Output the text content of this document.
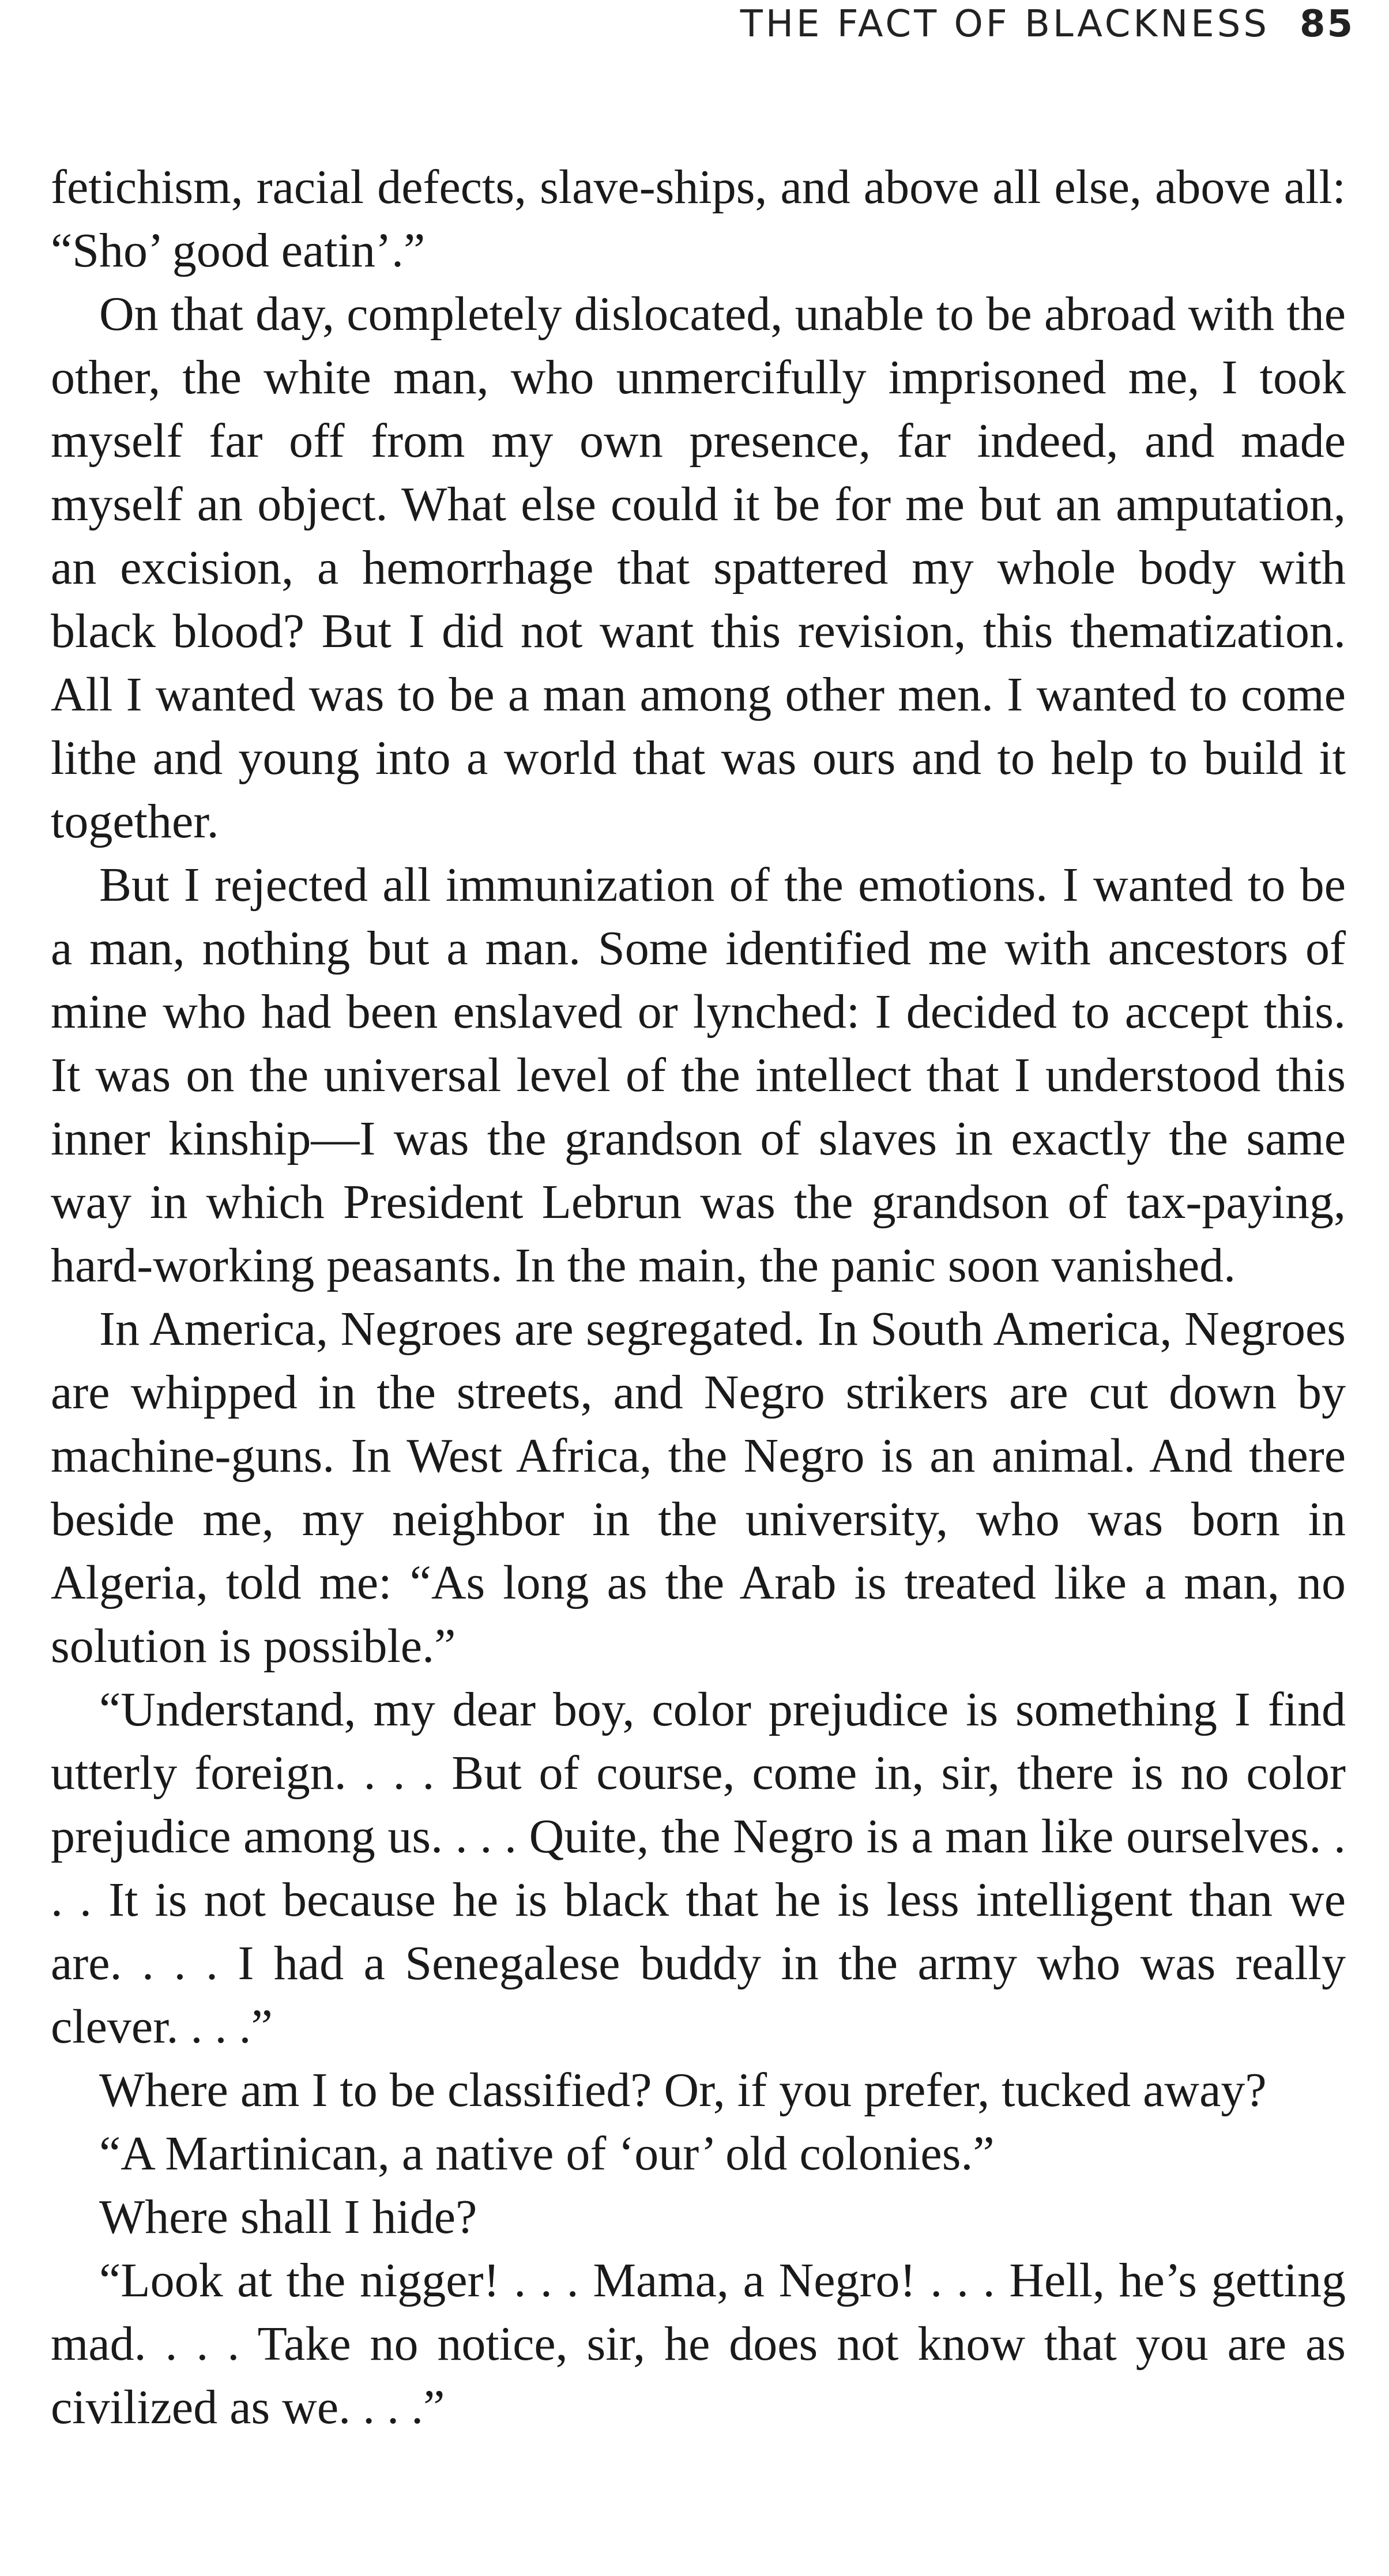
THE FACT OF BLACKNESS 85

fetichism, racial defects, slave-ships, and above all else, above all: “Sho’ good eatin’.”

On that day, completely dislocated, unable to be abroad with the other, the white man, who unmercifully imprisoned me, I took myself far off from my own presence, far indeed, and made myself an object. What else could it be for me but an amputation, an excision, a hemorrhage that spattered my whole body with black blood? But I did not want this revision, this thematization. All I wanted was to be a man among other men. I wanted to come lithe and young into a world that was ours and to help to build it together.

But I rejected all immunization of the emotions. I wanted to be a man, nothing but a man. Some identified me with ancestors of mine who had been enslaved or lynched: I decided to accept this. It was on the universal level of the intellect that I understood this inner kinship—I was the grandson of slaves in exactly the same way in which President Lebrun was the grandson of tax-paying, hard-working peasants. In the main, the panic soon vanished.

In America, Negroes are segregated. In South America, Negroes are whipped in the streets, and Negro strikers are cut down by machine-guns. In West Africa, the Negro is an animal. And there beside me, my neighbor in the university, who was born in Algeria, told me: “As long as the Arab is treated like a man, no solution is possible.”

“Understand, my dear boy, color prejudice is something I find utterly foreign. . . . But of course, come in, sir, there is no color prejudice among us. . . . Quite, the Negro is a man like ourselves. . . . It is not because he is black that he is less intelligent than we are. . . . I had a Senegalese buddy in the army who was really clever. . . .”

Where am I to be classified? Or, if you prefer, tucked away?

“A Martinican, a native of ‘our’ old colonies.”

Where shall I hide?

“Look at the nigger! . . . Mama, a Negro! . . . Hell, he’s getting mad. . . . Take no notice, sir, he does not know that you are as civilized as we. . . .”
